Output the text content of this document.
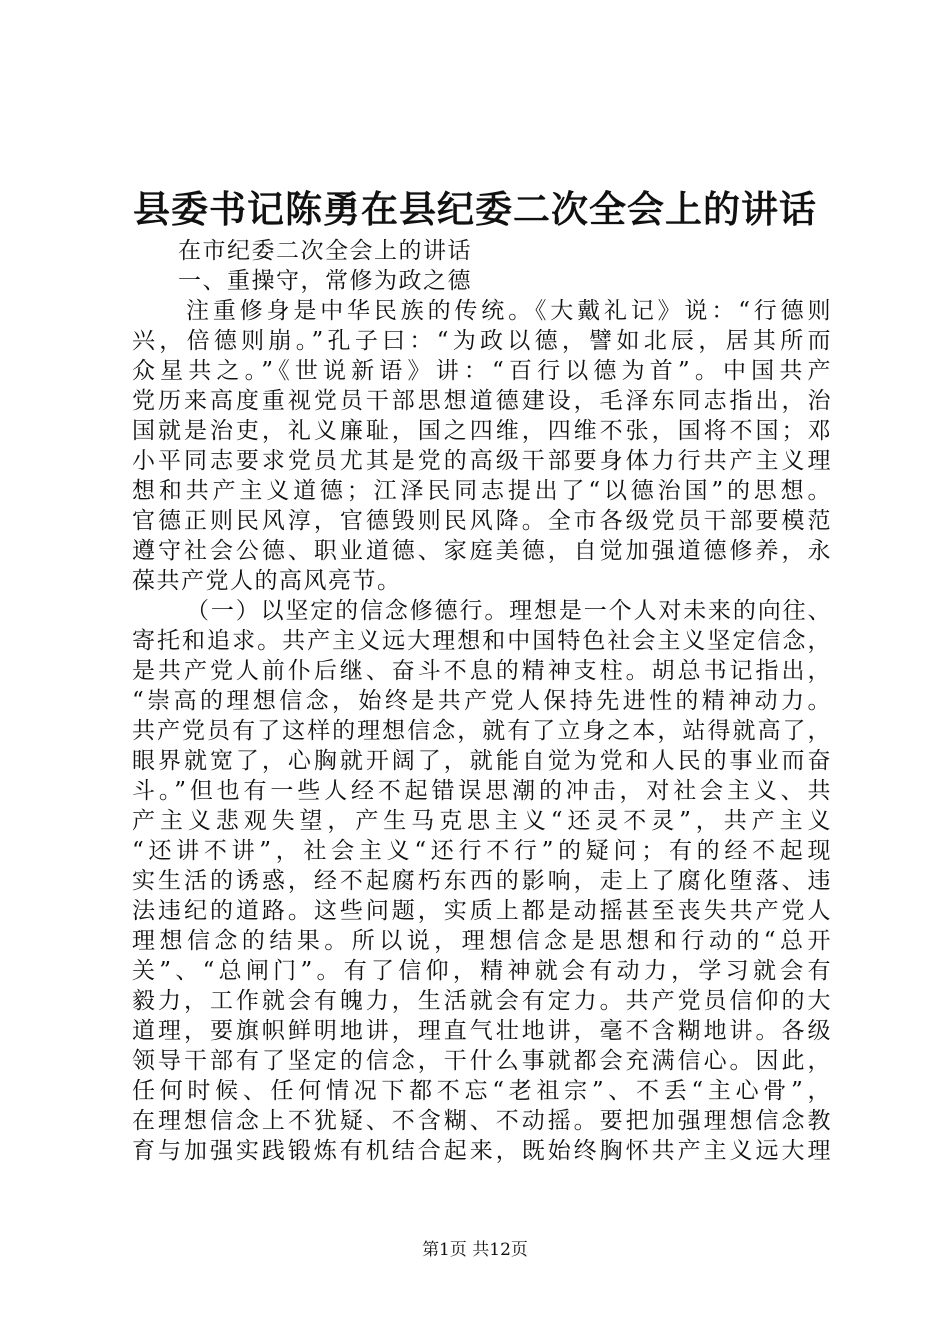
县委书记陈勇在县纪委二次全会上的讲话
在市纪委二次全会上的讲话
一、重操守，常修为政之德
注重修身是中华民族的传统。《大戴礼记》说：“行德则
兴，倍德则崩。”孔子曰：“为政以德，譬如北辰，居其所而
众星共之。”《世说新语》讲：“百行以德为首”。中国共产
党历来高度重视党员干部思想道德建设，毛泽东同志指出，治
国就是治吏，礼义廉耻，国之四维，四维不张，国将不国；邓
小平同志要求党员尤其是党的高级干部要身体力行共产主义理
想和共产主义道德；江泽民同志提出了“以德治国”的思想。
官德正则民风淳，官德毁则民风降。全市各级党员干部要模范
遵守社会公德、职业道德、家庭美德，自觉加强道德修养，永
葆共产党人的高风亮节。
（一）以坚定的信念修德行。理想是一个人对未来的向往、
寄托和追求。共产主义远大理想和中国特色社会主义坚定信念，
是共产党人前仆后继、奋斗不息的精神支柱。胡总书记指出，
“崇高的理想信念，始终是共产党人保持先进性的精神动力。
共产党员有了这样的理想信念，就有了立身之本，站得就高了，
眼界就宽了，心胸就开阔了，就能自觉为党和人民的事业而奋
斗。”但也有一些人经不起错误思潮的冲击，对社会主义、共
产主义悲观失望，产生马克思主义“还灵不灵”，共产主义
“还讲不讲”，社会主义“还行不行”的疑问；有的经不起现
实生活的诱惑，经不起腐朽东西的影响，走上了腐化堕落、违
法违纪的道路。这些问题，实质上都是动摇甚至丧失共产党人
理想信念的结果。所以说，理想信念是思想和行动的“总开
关”、“总闸门”。有了信仰，精神就会有动力，学习就会有
毅力，工作就会有魄力，生活就会有定力。共产党员信仰的大
道理，要旗帜鲜明地讲，理直气壮地讲，毫不含糊地讲。各级
领导干部有了坚定的信念，干什么事就都会充满信心。因此，
任何时候、任何情况下都不忘“老祖宗”、不丢“主心骨”，
在理想信念上不犹疑、不含糊、不动摇。要把加强理想信念教
育与加强实践锻炼有机结合起来，既始终胸怀共产主义远大理
第1页 共12页
